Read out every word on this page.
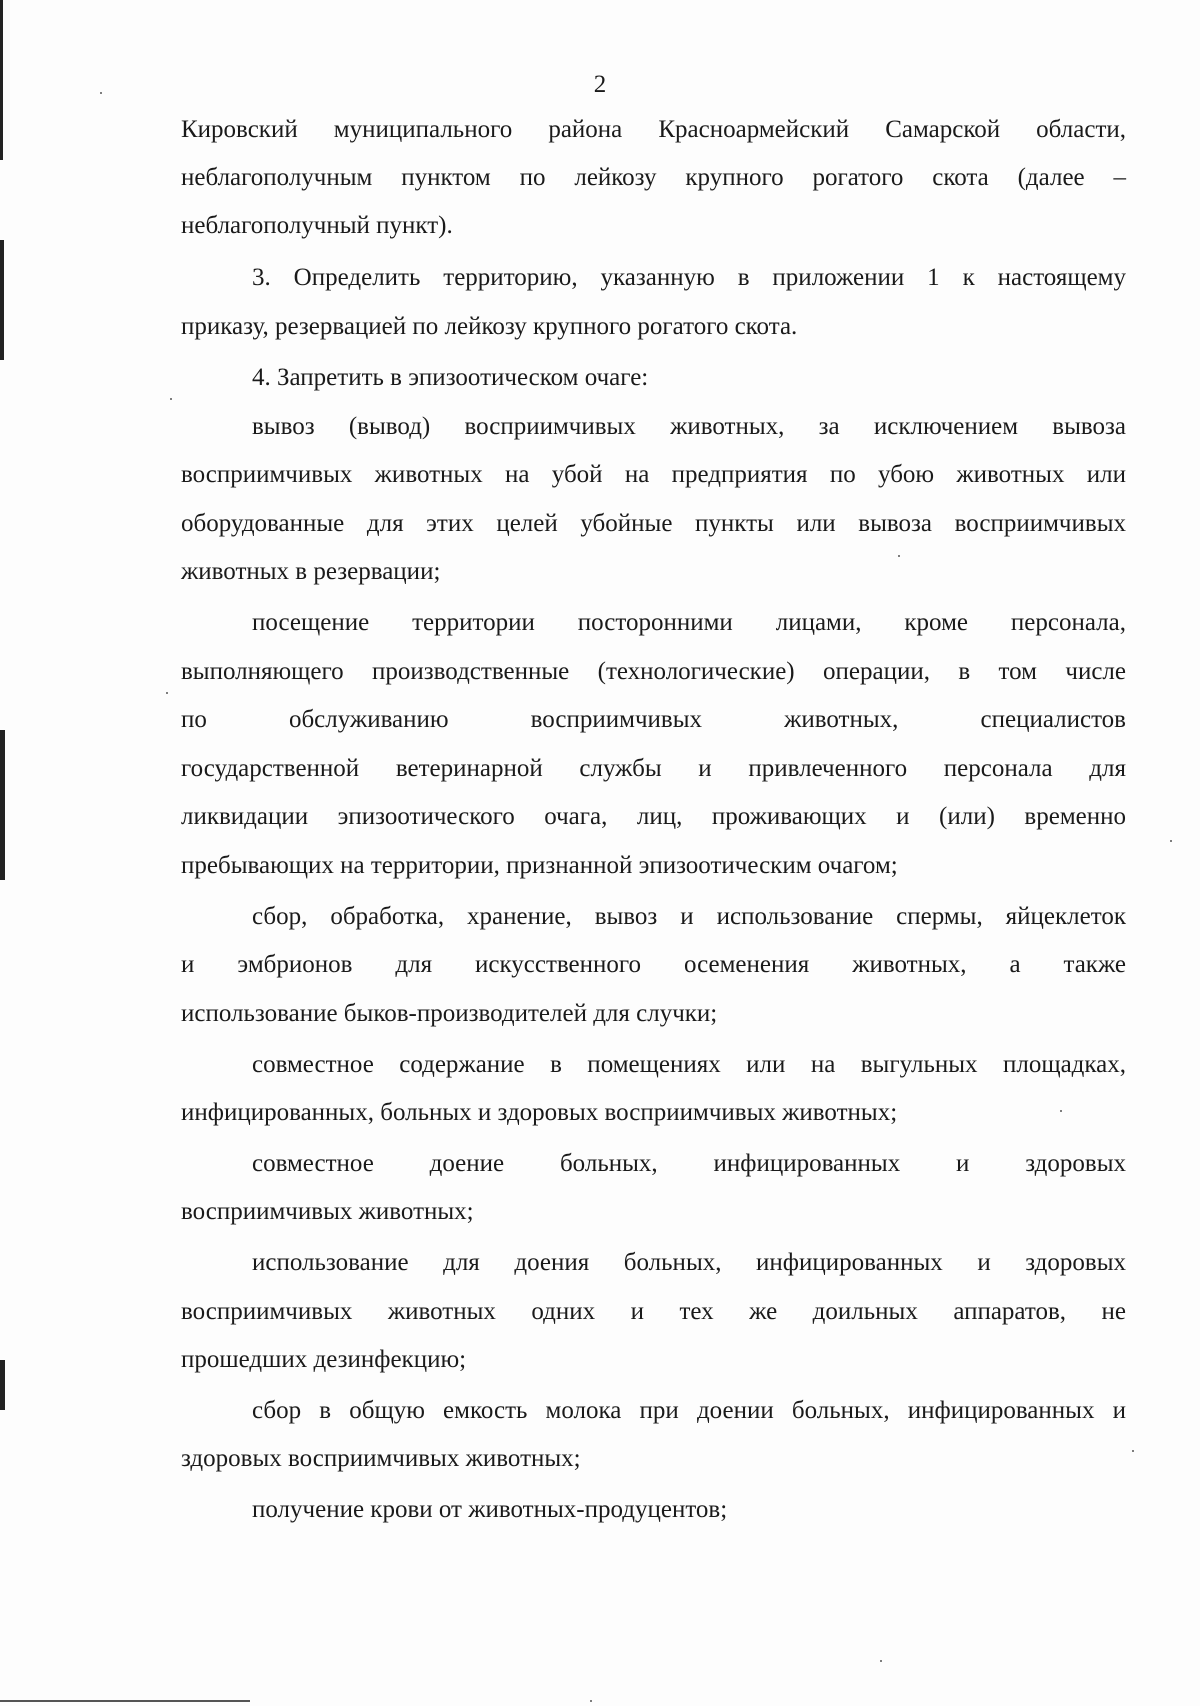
2
Кировский муниципального района Красноармейский Самарской области,
неблагополучным пунктом по лейкозу крупного рогатого скота (далее –
неблагополучный пункт).
3. Определить территорию, указанную в приложении 1 к настоящему
приказу, резервацией по лейкозу крупного рогатого скота.
4. Запретить в эпизоотическом очаге:
вывоз (вывод) восприимчивых животных, за исключением вывоза
восприимчивых животных на убой на предприятия по убою животных или
оборудованные для этих целей убойные пункты или вывоза восприимчивых
животных в резервации;
посещение территории посторонними лицами, кроме персонала,
выполняющего производственные (технологические) операции, в том числе
по обслуживанию восприимчивых животных, специалистов
государственной ветеринарной службы и привлеченного персонала для
ликвидации эпизоотического очага, лиц, проживающих и (или) временно
пребывающих на территории, признанной эпизоотическим очагом;
сбор, обработка, хранение, вывоз и использование спермы, яйцеклеток
и эмбрионов для искусственного осеменения животных, а также
использование быков-производителей для случки;
совместное содержание в помещениях или на выгульных площадках,
инфицированных, больных и здоровых восприимчивых животных;
совместное доение больных, инфицированных и здоровых
восприимчивых животных;
использование для доения больных, инфицированных и здоровых
восприимчивых животных одних и тех же доильных аппаратов, не
прошедших дезинфекцию;
сбор в общую емкость молока при доении больных, инфицированных и
здоровых восприимчивых животных;
получение крови от животных-продуцентов;
